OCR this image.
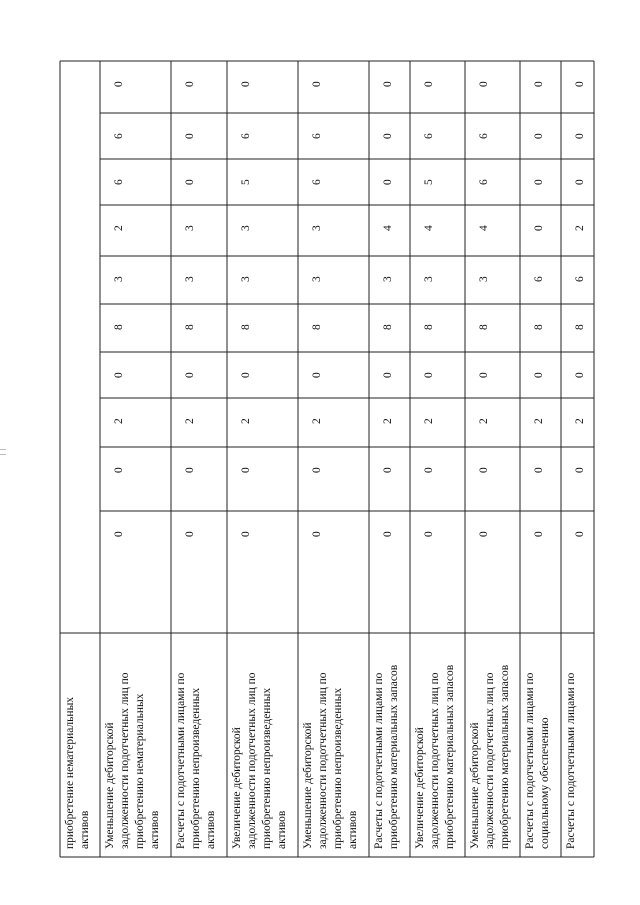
приобретение нематериальных активов Уменьшение дебиторской задолженности подотчетных лиц по приобретению нематериальных активов
0
0
2
0
8
3
2
6
6
0
Расчеты с подотчетными лицами по приобретению непроизведенных активов
0
0
2
0
8
3
3
0
0
0
Увеличение дебиторской задолженности подотчетных лиц по приобретению непроизведенных активов
0
0
2
0
8
3
3
5
6
0
Уменьшение дебиторской задолженности подотчетных лиц по приобретению непроизведенных активов
0
0
2
0
8
3
3
6
6
0
Расчеты с подотчетными лицами по приобретению материальных запасов
0
0
2
0
8
3
4
0
0
0
Увеличение дебиторской задолженности подотчетных лиц по приобретению материальных запасов
0
0
2
0
8
3
4
5
6
0
Уменьшение дебиторской задолженности подотчетных лиц по приобретению материальных запасов
0
0
2
0
8
3
4
6
6
0
Расчеты с подотчетными лицами по социальному обеспечению
0
0
2
0
8
6
0
0
0
0
Расчеты с подотчетными лицами по
0
0
2
0
8
6
2
0
0
0
